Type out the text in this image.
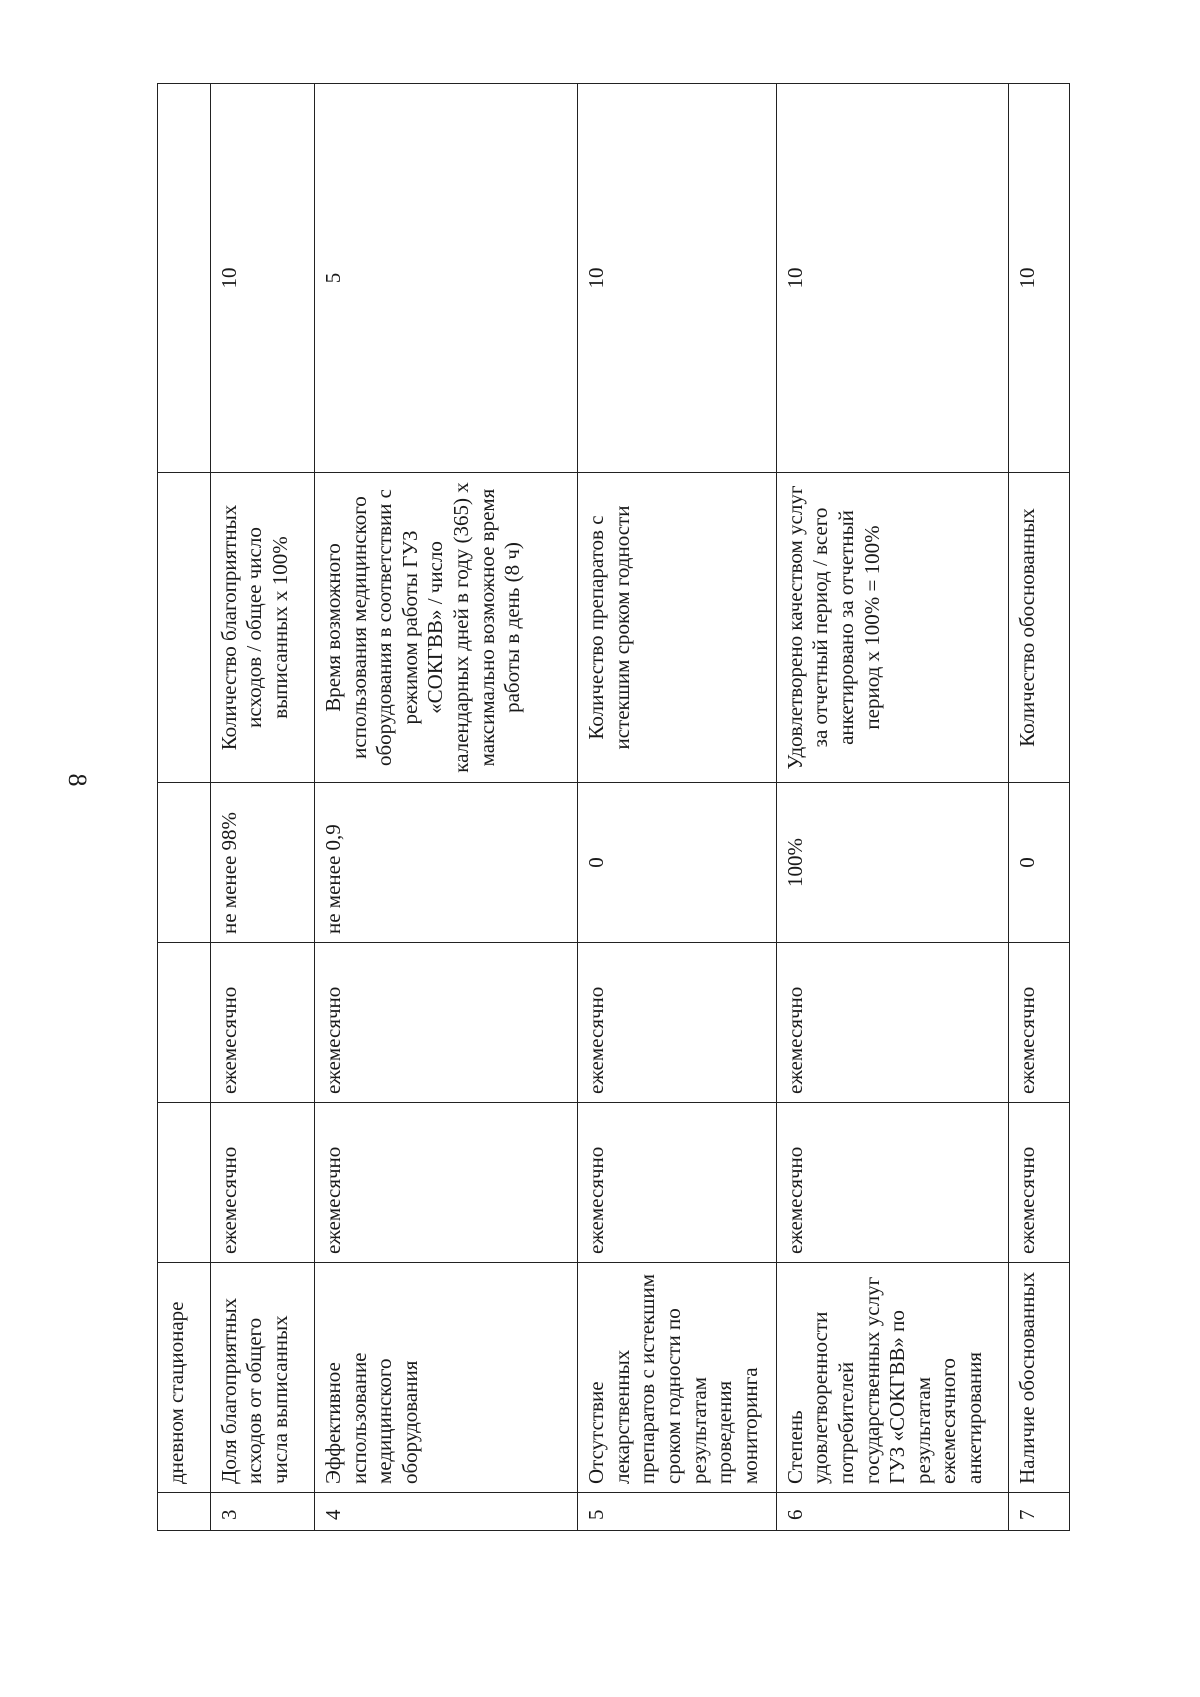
8
	дневном стационаре					
3	Доля благоприятных исходов от общего числа выписанных	ежемесячно	ежемесячно	не менее 98%	Количество благоприятных исходов / общее число выписанных х 100%	10
4	Эффективное использование медицинского оборудования	ежемесячно	ежемесячно	не менее 0,9	Время возможного использования медицинского оборудования в соответствии с режимом работы ГУЗ «СОКГВВ» / число календарных дней в году (365) х максимально возможное время работы в день (8 ч)	5
5	Отсутствие лекарственных препаратов с истекшим сроком годности по результатам проведения мониторинга	ежемесячно	ежемесячно	0	Количество препаратов с истекшим сроком годности	10
6	Степень удовлетворенности потребителей государственных услуг ГУЗ «СОКГВВ» по результатам ежемесячного анкетирования	ежемесячно	ежемесячно	100%	Удовлетворено качеством услуг за отчетный период / всего анкетировано за отчетный период х 100% = 100%	10
7	Наличие обоснованных	ежемесячно	ежемесячно	0	Количество обоснованных	10
